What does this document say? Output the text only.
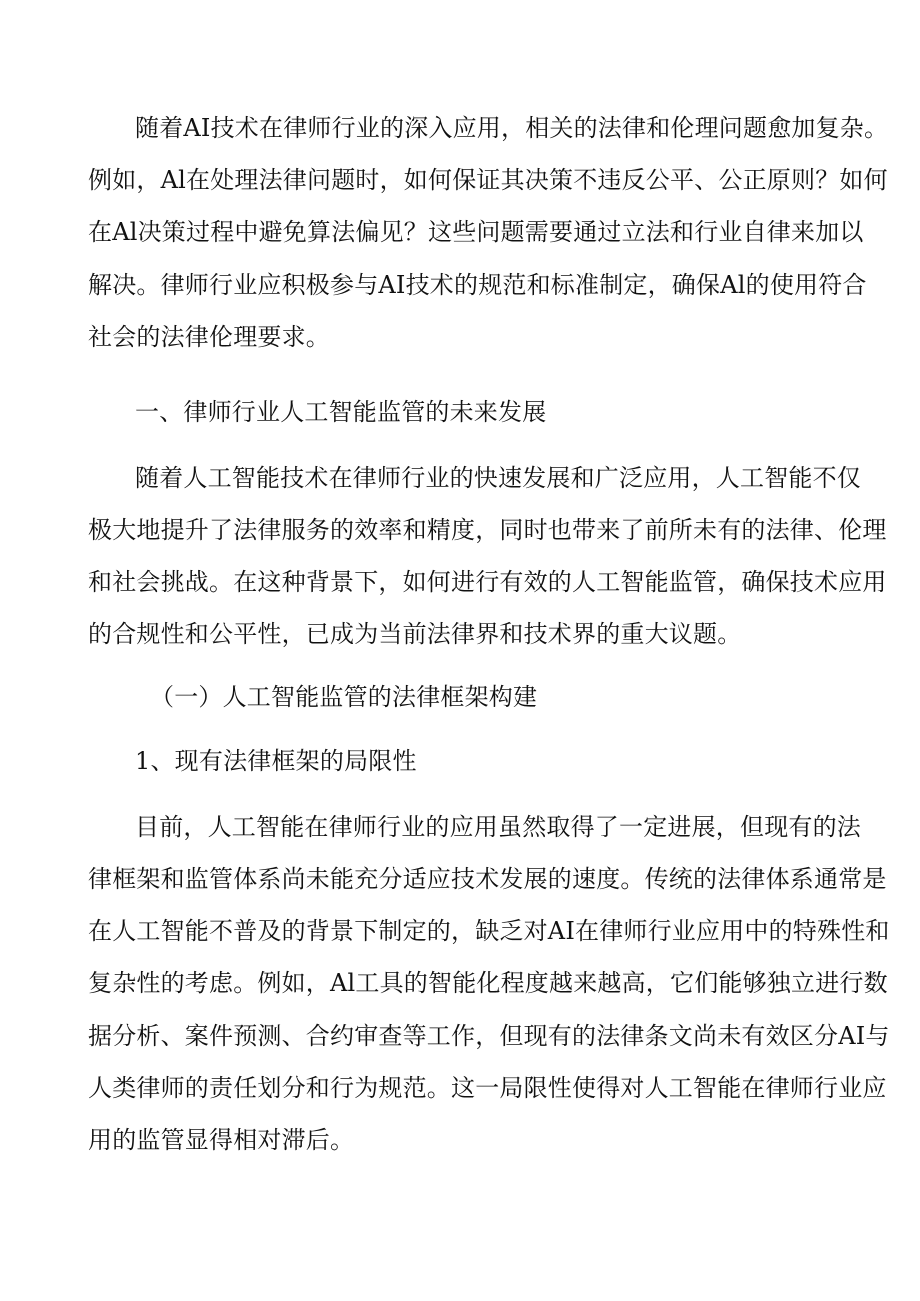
随着AI技术在律师行业的深入应用，相关的法律和伦理问题愈加复杂。
例如，Al在处理法律问题时，如何保证其决策不违反公平、公正原则？如何
在Al决策过程中避免算法偏见？这些问题需要通过立法和行业自律来加以
解决。律师行业应积极参与AI技术的规范和标准制定，确保Al的使用符合
社会的法律伦理要求。
一、律师行业人工智能监管的未来发展
随着人工智能技术在律师行业的快速发展和广泛应用，人工智能不仅
极大地提升了法律服务的效率和精度，同时也带来了前所未有的法律、伦理
和社会挑战。在这种背景下，如何进行有效的人工智能监管，确保技术应用
的合规性和公平性，已成为当前法律界和技术界的重大议题。
（一）人工智能监管的法律框架构建
1、现有法律框架的局限性
目前，人工智能在律师行业的应用虽然取得了一定进展，但现有的法
律框架和监管体系尚未能充分适应技术发展的速度。传统的法律体系通常是
在人工智能不普及的背景下制定的，缺乏对AI在律师行业应用中的特殊性和
复杂性的考虑。例如，Al工具的智能化程度越来越高，它们能够独立进行数
据分析、案件预测、合约审查等工作，但现有的法律条文尚未有效区分AI与
人类律师的责任划分和行为规范。这一局限性使得对人工智能在律师行业应
用的监管显得相对滞后。
